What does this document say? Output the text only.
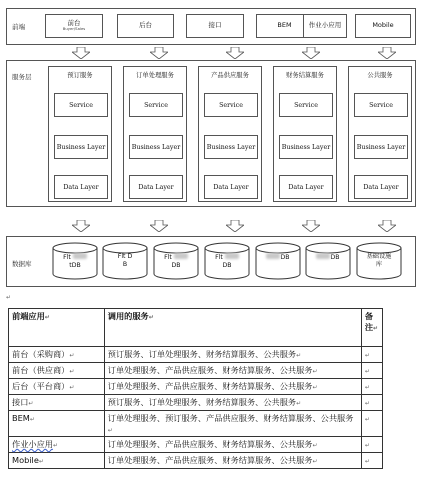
前端	前台
Buyer/Sales	后台	接口	BEM	作业小应用	Mobile
服务层	预订服务
Service
Business Layer
Data Layer
订单处理服务
Service
Business Layer
Data Layer
产品供应服务
Service
Business Layer
Data Layer
财务结算服务
Service
Business Layer
Data Layer
公共服务
Service
Business Layer
Data Layer
数据库
Flt
tDB
Flt D
B
Flt
DB
Flt
DB
DB	DB	基础设施
库
↵
前端应用↵	调用的服务↵	备注↵
前台（采购商）↵	预订服务、订单处理服务、财务结算服务、公共服务↵	↵
前台（供应商）↵	订单处理服务、产品供应服务、财务结算服务、公共服务↵	↵
后台（平台商）↵	订单处理服务、产品供应服务、财务结算服务、公共服务↵	↵
接口↵	预订服务、订单处理服务、财务结算服务、公共服务↵	↵
BEM↵	订单处理服务、预订服务、产品供应服务、财务结算服务、公共服务↵	↵
作业小应用↵	订单处理服务、产品供应服务、财务结算服务、公共服务↵	↵
Mobile↵	订单处理服务、产品供应服务、财务结算服务、公共服务↵	↵
